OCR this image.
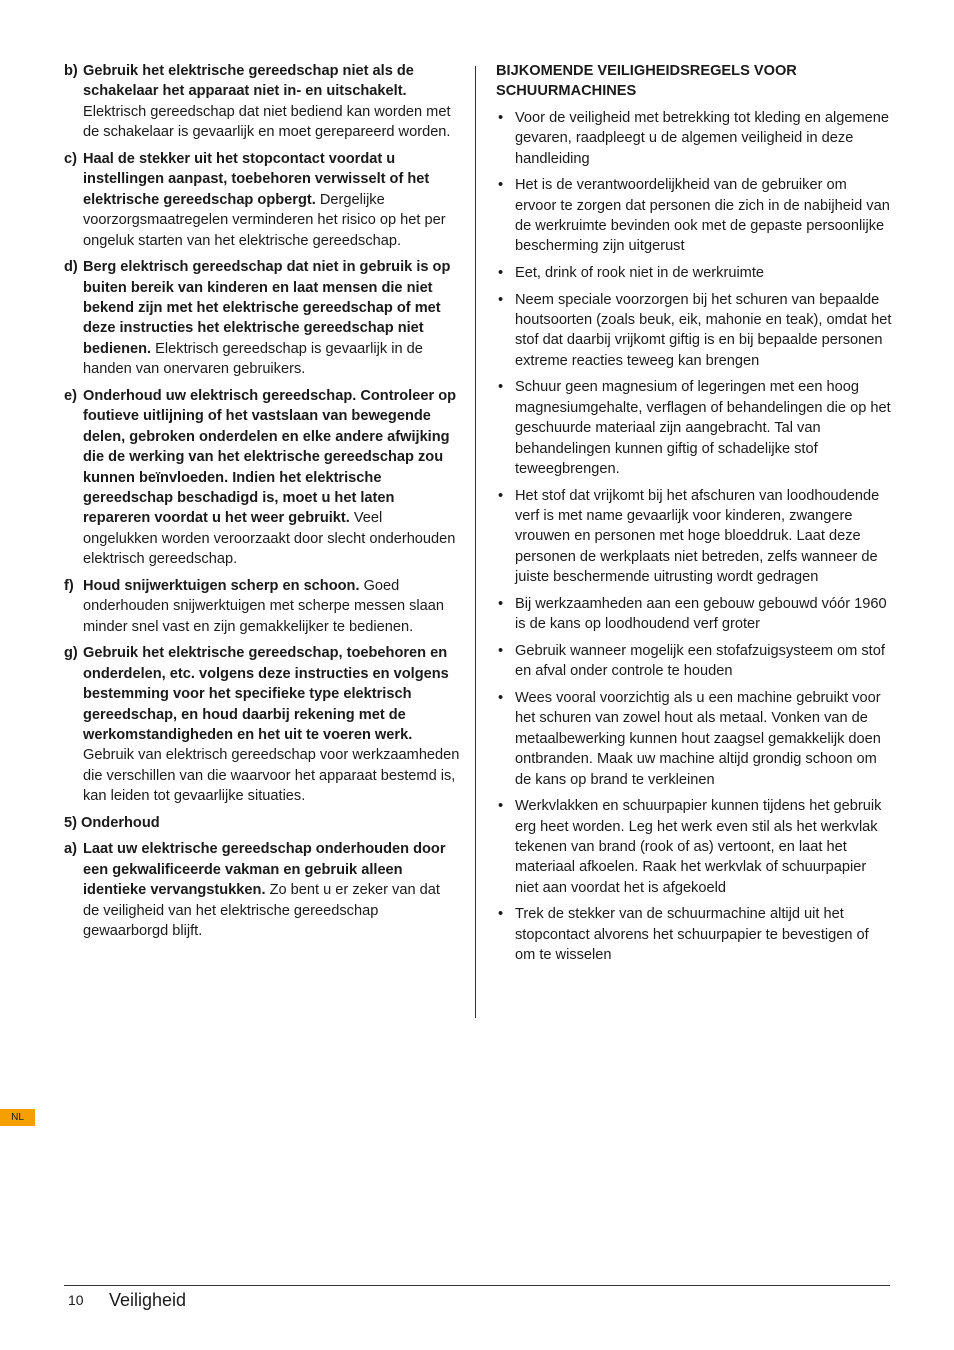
b) Gebruik het elektrische gereedschap niet als de schakelaar het apparaat niet in- en uitschakelt. Elektrisch gereedschap dat niet bediend kan worden met de schakelaar is gevaarlijk en moet gerepareerd worden.
c) Haal de stekker uit het stopcontact voordat u instellingen aanpast, toebehoren verwisselt of het elektrische gereedschap opbergt. Dergelijke voorzorgsmaatregelen verminderen het risico op het per ongeluk starten van het elektrische gereedschap.
d) Berg elektrisch gereedschap dat niet in gebruik is op buiten bereik van kinderen en laat mensen die niet bekend zijn met het elektrische gereedschap of met deze instructies het elektrische gereedschap niet bedienen. Elektrisch gereedschap is gevaarlijk in de handen van onervaren gebruikers.
e) Onderhoud uw elektrisch gereedschap. Controleer op foutieve uitlijning of het vastslaan van bewegende delen, gebroken onderdelen en elke andere afwijking die de werking van het elektrische gereedschap zou kunnen beïnvloeden. Indien het elektrische gereedschap beschadigd is, moet u het laten repareren voordat u het weer gebruikt. Veel ongelukken worden veroorzaakt door slecht onderhouden elektrisch gereedschap.
f) Houd snijwerktuigen scherp en schoon. Goed onderhouden snijwerktuigen met scherpe messen slaan minder snel vast en zijn gemakkelijker te bedienen.
g) Gebruik het elektrische gereedschap, toebehoren en onderdelen, etc. volgens deze instructies en volgens bestemming voor het specifieke type elektrisch gereedschap, en houd daarbij rekening met de werkomstandigheden en het uit te voeren werk. Gebruik van elektrisch gereedschap voor werkzaamheden die verschillen van die waarvoor het apparaat bestemd is, kan leiden tot gevaarlijke situaties.
5) Onderhoud
a) Laat uw elektrische gereedschap onderhouden door een gekwalificeerde vakman en gebruik alleen identieke vervangstukken. Zo bent u er zeker van dat de veiligheid van het elektrische gereedschap gewaarborgd blijft.
BIJKOMENDE VEILIGHEIDSREGELS VOOR SCHUURMACHINES
• Voor de veiligheid met betrekking tot kleding en algemene gevaren, raadpleegt u de algemen veiligheid in deze handleiding
• Het is de verantwoordelijkheid van de gebruiker om ervoor te zorgen dat personen die zich in de nabijheid van de werkruimte bevinden ook met de gepaste persoonlijke bescherming zijn uitgerust
• Eet, drink of rook niet in de werkruimte
• Neem speciale voorzorgen bij het schuren van bepaalde houtsoorten (zoals beuk, eik, mahonie en teak), omdat het stof dat daarbij vrijkomt giftig is en bij bepaalde personen extreme reacties teweeg kan brengen
• Schuur geen magnesium of legeringen met een hoog magnesiumgehalte, verflagen of behandelingen die op het geschuurde materiaal zijn aangebracht. Tal van behandelingen kunnen giftig of schadelijke stof teweegbrengen.
• Het stof dat vrijkomt bij het afschuren van loodhoudende verf is met name gevaarlijk voor kinderen, zwangere vrouwen en personen met hoge bloeddruk. Laat deze personen de werkplaats niet betreden, zelfs wanneer de juiste beschermende uitrusting wordt gedragen
• Bij werkzaamheden aan een gebouw gebouwd vóór 1960 is de kans op loodhoudend verf groter
• Gebruik wanneer mogelijk een stofafzuigsysteem om stof en afval onder controle te houden
• Wees vooral voorzichtig als u een machine gebruikt voor het schuren van zowel hout als metaal. Vonken van de metaalbewerking kunnen hout zaagsel gemakkelijk doen ontbranden. Maak uw machine altijd grondig schoon om de kans op brand te verkleinen
• Werkvlakken en schuurpapier kunnen tijdens het gebruik erg heet worden. Leg het werk even stil als het werkvlak tekenen van brand (rook of as) vertoont, en laat het materiaal afkoelen. Raak het werkvlak of schuurpapier niet aan voordat het is afgekoeld
• Trek de stekker van de schuurmachine altijd uit het stopcontact alvorens het schuurpapier te bevestigen of om te wisselen
NL
10 Veiligheid
